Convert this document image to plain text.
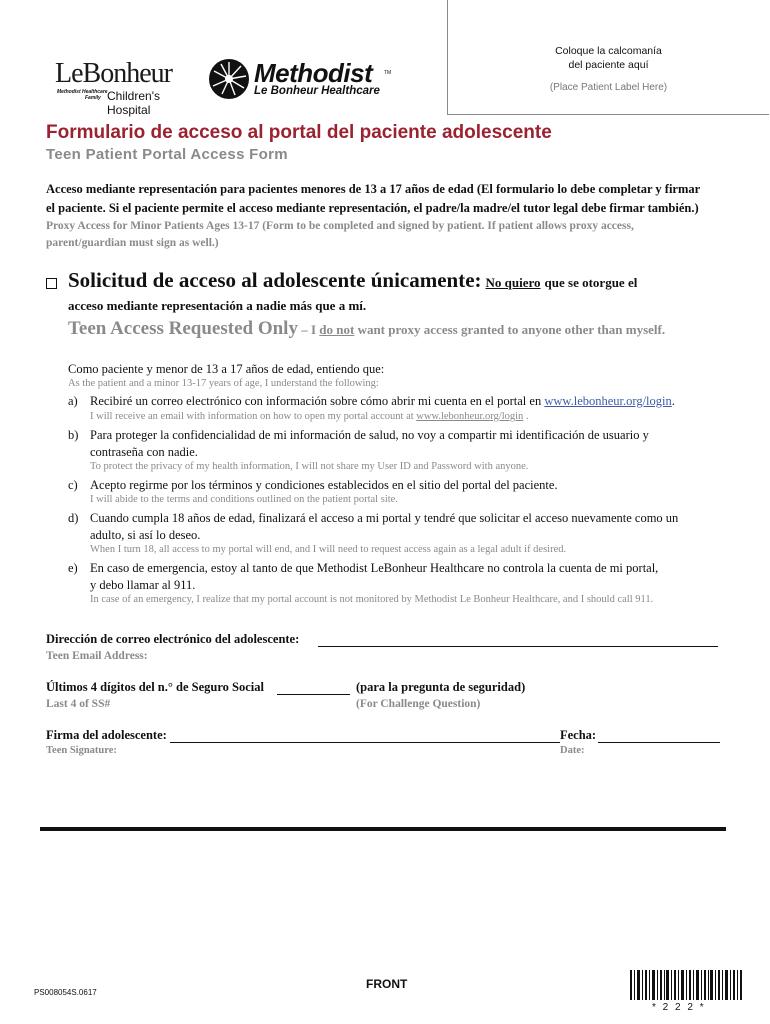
LeBonheur
Methodist Healthcare
Family Children's Hospital
Methodist TM
Le Bonheur Healthcare
Coloque la calcomanía
del paciente aquí
(Place Patient Label Here)
Formulario de acceso al portal del paciente adolescente
Teen Patient Portal Access Form
Acceso mediante representación para pacientes menores de 13 a 17 años de edad (El formulario lo debe completar y firmar
el paciente. Si el paciente permite el acceso mediante representación, el padre/la madre/el tutor legal debe firmar también.)
Proxy Access for Minor Patients Ages 13-17 (Form to be completed and signed by patient. If patient allows proxy access,
parent/guardian must sign as well.)
Solicitud de acceso al adolescente únicamente: No quiero que se otorgue el
acceso mediante representación a nadie más que a mí.
Teen Access Requested Only – I do not want proxy access granted to anyone other than myself.
Como paciente y menor de 13 a 17 años de edad, entiendo que:
As the patient and a minor 13-17 years of age, I understand the following:
a) Recibiré un correo electrónico con información sobre cómo abrir mi cuenta en el portal en www.lebonheur.org/login.
I will receive an email with information on how to open my portal account at www.lebonheur.org/login .
b) Para proteger la confidencialidad de mi información de salud, no voy a compartir mi identificación de usuario y
contraseña con nadie.
To protect the privacy of my health information, I will not share my User ID and Password with anyone.
c) Acepto regirme por los términos y condiciones establecidos en el sitio del portal del paciente.
I will abide to the terms and conditions outlined on the patient portal site.
d) Cuando cumpla 18 años de edad, finalizará el acceso a mi portal y tendré que solicitar el acceso nuevamente como un
adulto, si así lo deseo.
When I turn 18, all access to my portal will end, and I will need to request access again as a legal adult if desired.
e) En caso de emergencia, estoy al tanto de que Methodist LeBonheur Healthcare no controla la cuenta de mi portal,
y debo llamar al 911.
In case of an emergency, I realize that my portal account is not monitored by Methodist Le Bonheur Healthcare, and I should call 911.
Dirección de correo electrónico del adolescente:
Teen Email Address:
Últimos 4 dígitos del n.° de Seguro Social	(para la pregunta de seguridad)
Last 4 of SS#	(For Challenge Question)
Firma del adolescente:	Fecha:
Teen Signature:	Date:
PS008054S.0617
FRONT
* 2 2 2 *
